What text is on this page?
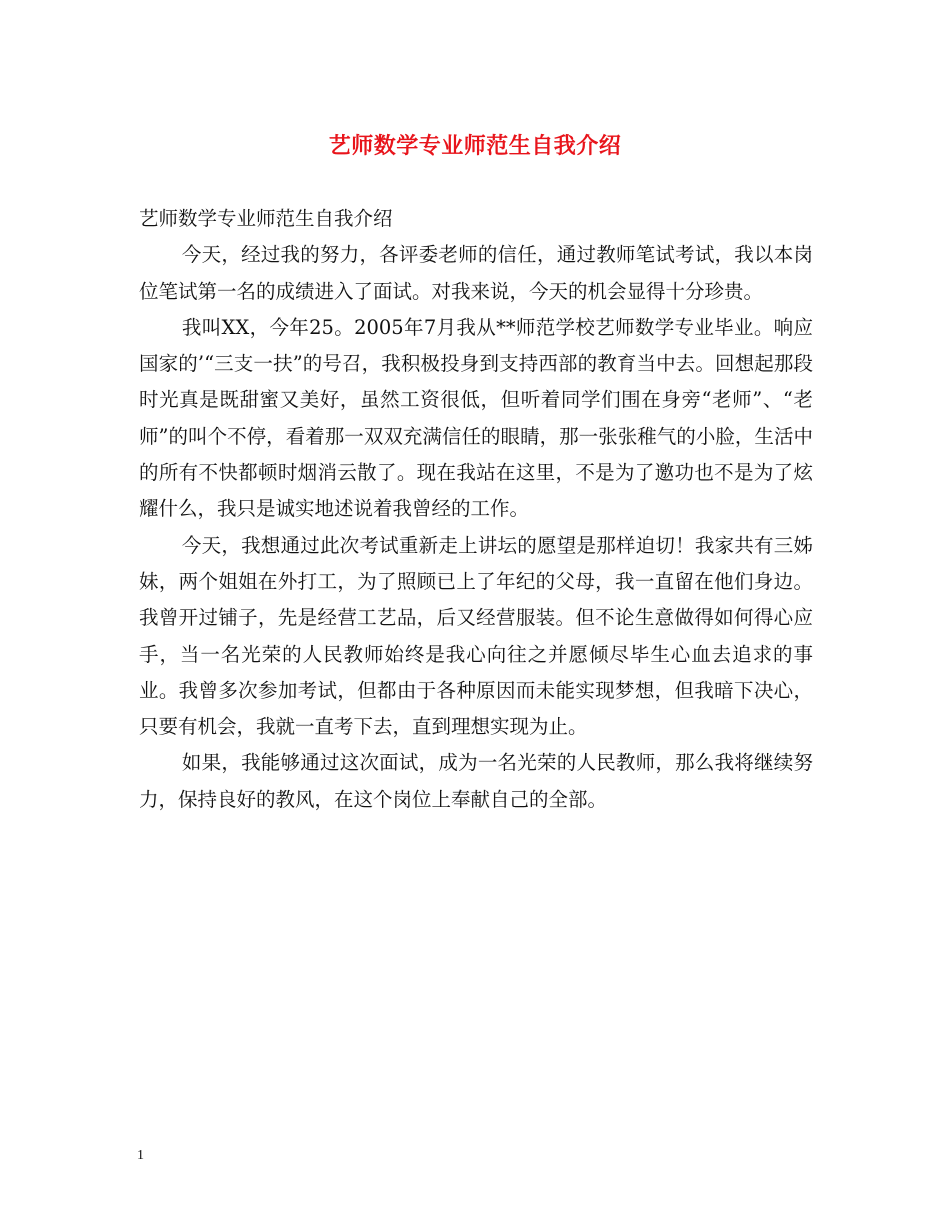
艺师数学专业师范生自我介绍

艺师数学专业师范生自我介绍

今天，经过我的努力，各评委老师的信任，通过教师笔试考试，我以本岗位笔试第一名的成绩进入了面试。对我来说，今天的机会显得十分珍贵。

我叫XX，今年25。2005年7月我从**师范学校艺师数学专业毕业。响应国家的’“三支一扶”的号召，我积极投身到支持西部的教育当中去。回想起那段时光真是既甜蜜又美好，虽然工资很低，但听着同学们围在身旁“老师”、“老师”的叫个不停，看着那一双双充满信任的眼睛，那一张张稚气的小脸，生活中的所有不快都顿时烟消云散了。现在我站在这里，不是为了邀功也不是为了炫耀什么，我只是诚实地述说着我曾经的工作。

今天，我想通过此次考试重新走上讲坛的愿望是那样迫切！我家共有三姊妹，两个姐姐在外打工，为了照顾已上了年纪的父母，我一直留在他们身边。我曾开过铺子，先是经营工艺品，后又经营服装。但不论生意做得如何得心应手，当一名光荣的人民教师始终是我心向往之并愿倾尽毕生心血去追求的事业。我曾多次参加考试，但都由于各种原因而未能实现梦想，但我暗下决心，只要有机会，我就一直考下去，直到理想实现为止。

如果，我能够通过这次面试，成为一名光荣的人民教师，那么我将继续努力，保持良好的教风，在这个岗位上奉献自己的全部。

1
